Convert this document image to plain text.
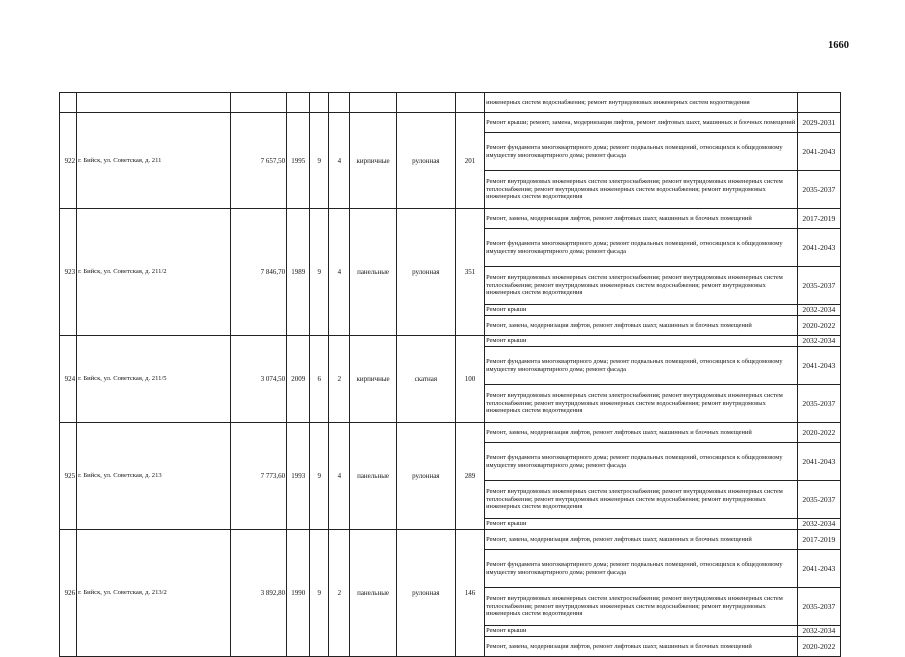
1660
									инженерных систем водоснабжения; ремонт внутридомовых инженерных систем водоотведения	
922	г. Бийск, ул. Советская, д. 211	7 657,50	1995	9	4	кирпичные	рулонная	201	Ремонт крыши; ремонт, замена, модернизация лифтов, ремонт лифтовых шахт, машинных и блочных помещений	2029-2031
									Ремонт фундамента многоквартирного дома; ремонт подвальных помещений, относящихся к общедомовому имуществу многоквартирного дома; ремонт фасада	2041-2043
									Ремонт внутридомовых инженерных систем электроснабжения; ремонт внутридомовых инженерных систем теплоснабжения; ремонт внутридомовых инженерных систем водоснабжения; ремонт внутридомовых инженерных систем водоотведения	2035-2037
923	г. Бийск, ул. Советская, д. 211/2	7 846,70	1989	9	4	панельные	рулонная	351	Ремонт, замена, модернизация лифтов, ремонт лифтовых шахт, машинных и блочных помещений	2017-2019
									Ремонт фундамента многоквартирного дома; ремонт подвальных помещений, относящихся к общедомовому имуществу многоквартирного дома; ремонт фасада	2041-2043
									Ремонт внутридомовых инженерных систем электроснабжения; ремонт внутридомовых инженерных систем теплоснабжения; ремонт внутридомовых инженерных систем водоснабжения; ремонт внутридомовых инженерных систем водоотведения	2035-2037
									Ремонт крыши	2032-2034
									Ремонт, замена, модернизация лифтов, ремонт лифтовых шахт, машинных и блочных помещений	2020-2022
924	г. Бийск, ул. Советская, д. 211/5	3 074,50	2009	6	2	кирпичные	скатная	100	Ремонт крыши	2032-2034
									Ремонт фундамента многоквартирного дома; ремонт подвальных помещений, относящихся к общедомовому имуществу многоквартирного дома; ремонт фасада	2041-2043
									Ремонт внутридомовых инженерных систем электроснабжения; ремонт внутридомовых инженерных систем теплоснабжения; ремонт внутридомовых инженерных систем водоснабжения; ремонт внутридомовых инженерных систем водоотведения	2035-2037
925	г. Бийск, ул. Советская, д. 213	7 773,60	1993	9	4	панельные	рулонная	289	Ремонт, замена, модернизация лифтов, ремонт лифтовых шахт, машинных и блочных помещений	2020-2022
									Ремонт фундамента многоквартирного дома; ремонт подвальных помещений, относящихся к общедомовому имуществу многоквартирного дома; ремонт фасада	2041-2043
									Ремонт внутридомовых инженерных систем электроснабжения; ремонт внутридомовых инженерных систем теплоснабжения; ремонт внутридомовых инженерных систем водоснабжения; ремонт внутридомовых инженерных систем водоотведения	2035-2037
									Ремонт крыши	2032-2034
926	г. Бийск, ул. Советская, д. 213/2	3 892,80	1990	9	2	панельные	рулонная	146	Ремонт, замена, модернизация лифтов, ремонт лифтовых шахт, машинных и блочных помещений	2017-2019
									Ремонт фундамента многоквартирного дома; ремонт подвальных помещений, относящихся к общедомовому имуществу многоквартирного дома; ремонт фасада	2041-2043
									Ремонт внутридомовых инженерных систем электроснабжения; ремонт внутридомовых инженерных систем теплоснабжения; ремонт внутридомовых инженерных систем водоснабжения; ремонт внутридомовых инженерных систем водоотведения	2035-2037
									Ремонт крыши	2032-2034
									Ремонт, замена, модернизация лифтов, ремонт лифтовых шахт, машинных и блочных помещений	2020-2022
